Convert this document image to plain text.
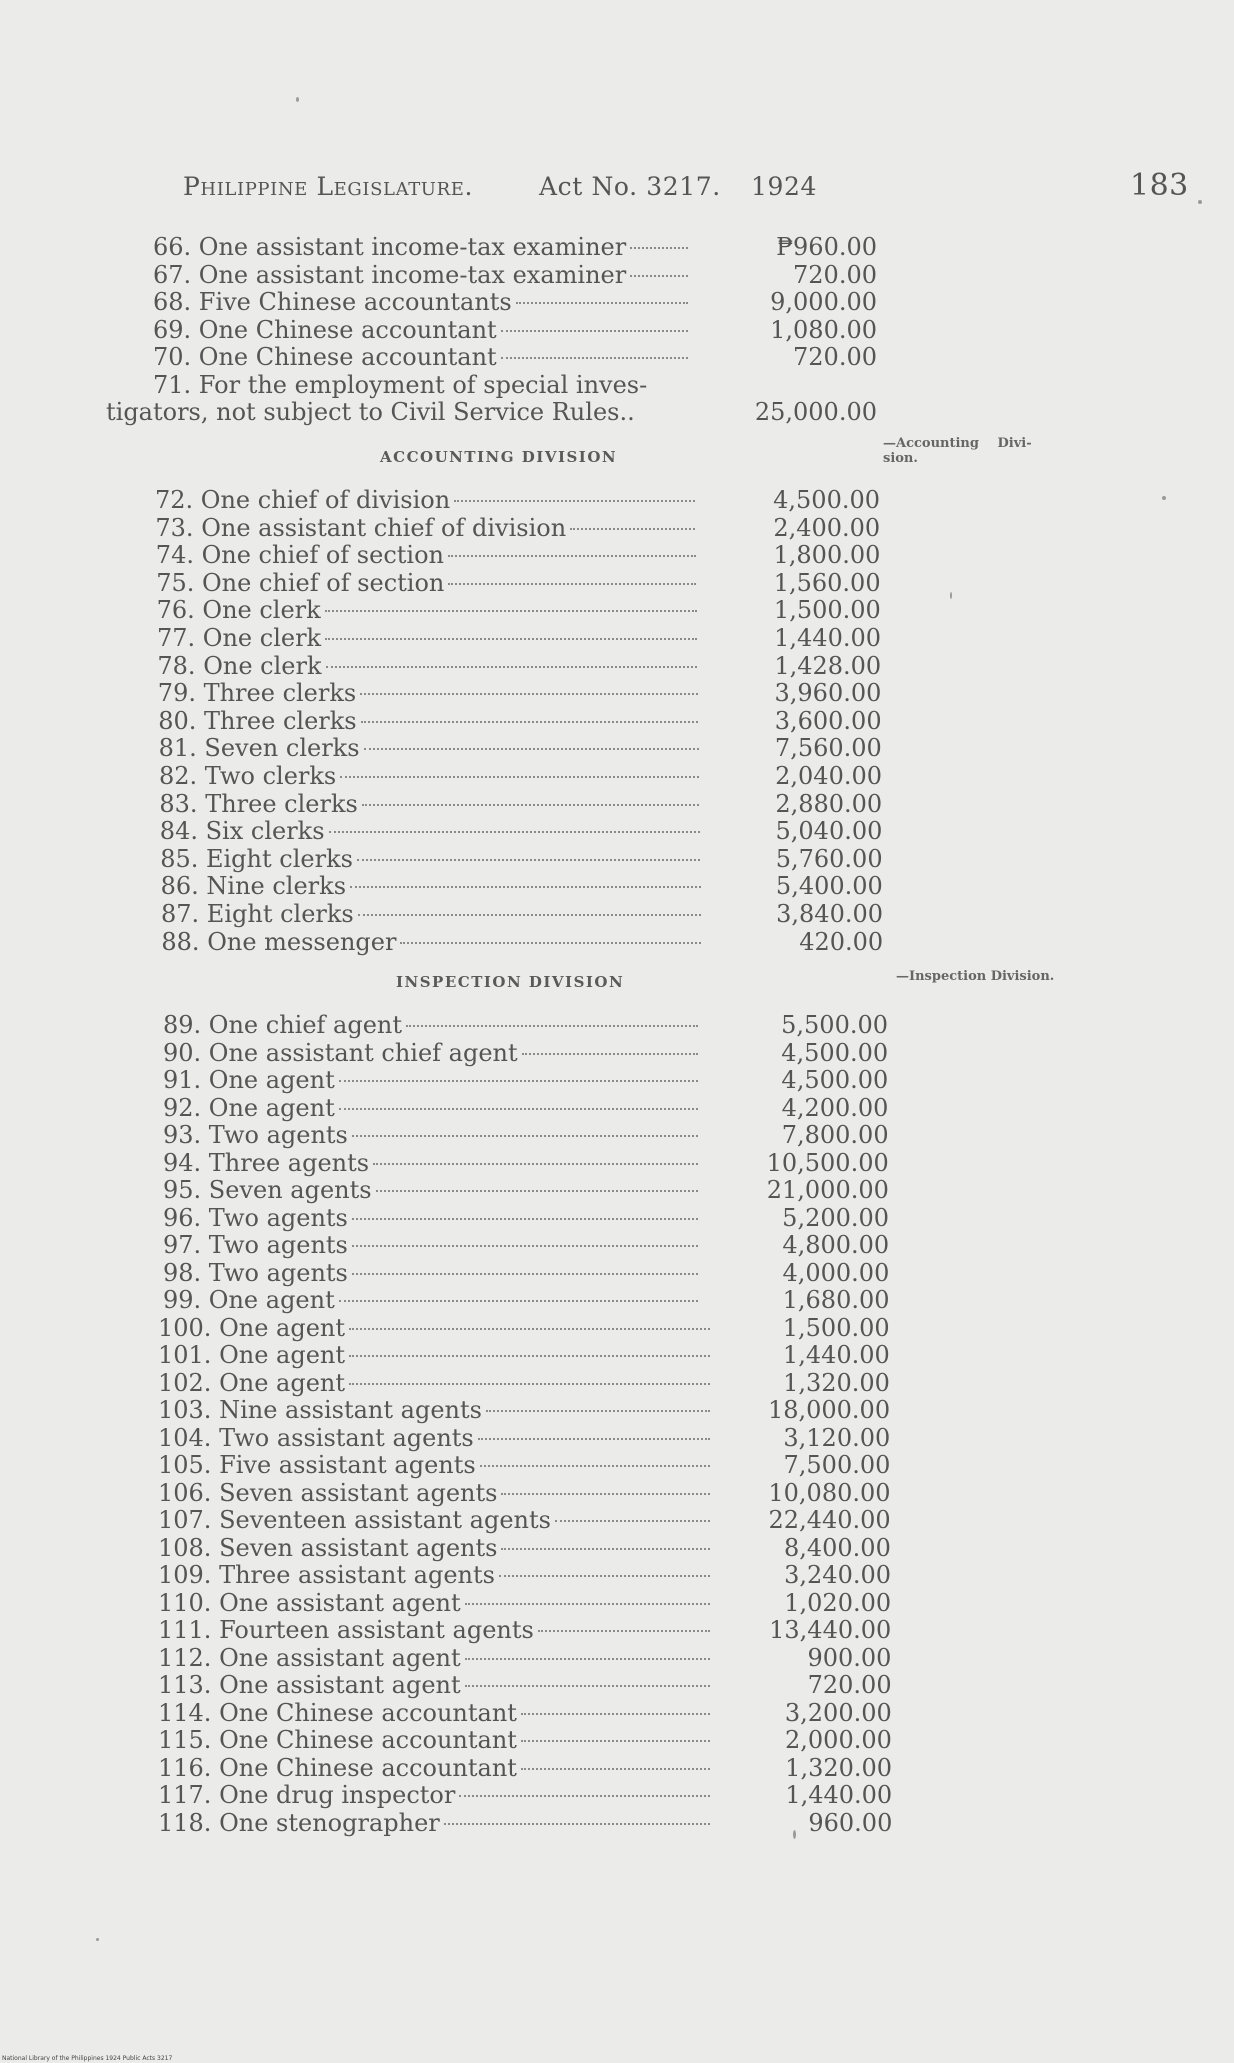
Philippine Legislature.	Act No. 3217. 1924	183
66. One assistant income-tax examiner	₱960.00
67. One assistant income-tax examiner	720.00
68. Five Chinese accountants	9,000.00
69. One Chinese accountant	1,080.00
70. One Chinese accountant	720.00
71. For the employment of special inves-
tigators, not subject to Civil Service Rules..	25,000.00
72. One chief of division	4,500.00
73. One assistant chief of division	2,400.00
74. One chief of section	1,800.00
75. One chief of section	1,560.00
76. One clerk	1,500.00
77. One clerk	1,440.00
78. One clerk	1,428.00
79. Three clerks	3,960.00
80. Three clerks	3,600.00
81. Seven clerks	7,560.00
82. Two clerks	2,040.00
83. Three clerks	2,880.00
84. Six clerks	5,040.00
85. Eight clerks	5,760.00
86. Nine clerks	5,400.00
87. Eight clerks	3,840.00
88. One messenger	420.00
89. One chief agent	5,500.00
90. One assistant chief agent	4,500.00
91. One agent	4,500.00
92. One agent	4,200.00
93. Two agents	7,800.00
94. Three agents	10,500.00
95. Seven agents	21,000.00
96. Two agents	5,200.00
97. Two agents	4,800.00
98. Two agents	4,000.00
99. One agent	1,680.00
100. One agent	1,500.00
101. One agent	1,440.00
102. One agent	1,320.00
103. Nine assistant agents	18,000.00
104. Two assistant agents	3,120.00
105. Five assistant agents	7,500.00
106. Seven assistant agents	10,080.00
107. Seventeen assistant agents	22,440.00
108. Seven assistant agents	8,400.00
109. Three assistant agents	3,240.00
110. One assistant agent	1,020.00
111. Fourteen assistant agents	13,440.00
112. One assistant agent	900.00
113. One assistant agent	720.00
114. One Chinese accountant	3,200.00
115. One Chinese accountant	2,000.00
116. One Chinese accountant	1,320.00
117. One drug inspector	1,440.00
118. One stenographer	960.00
ACCOUNTING DIVISION
—Accounting Divi-
sion.
INSPECTION DIVISION	—Inspection Division.
National Library of the Philippines 1924 Public Acts 3217
